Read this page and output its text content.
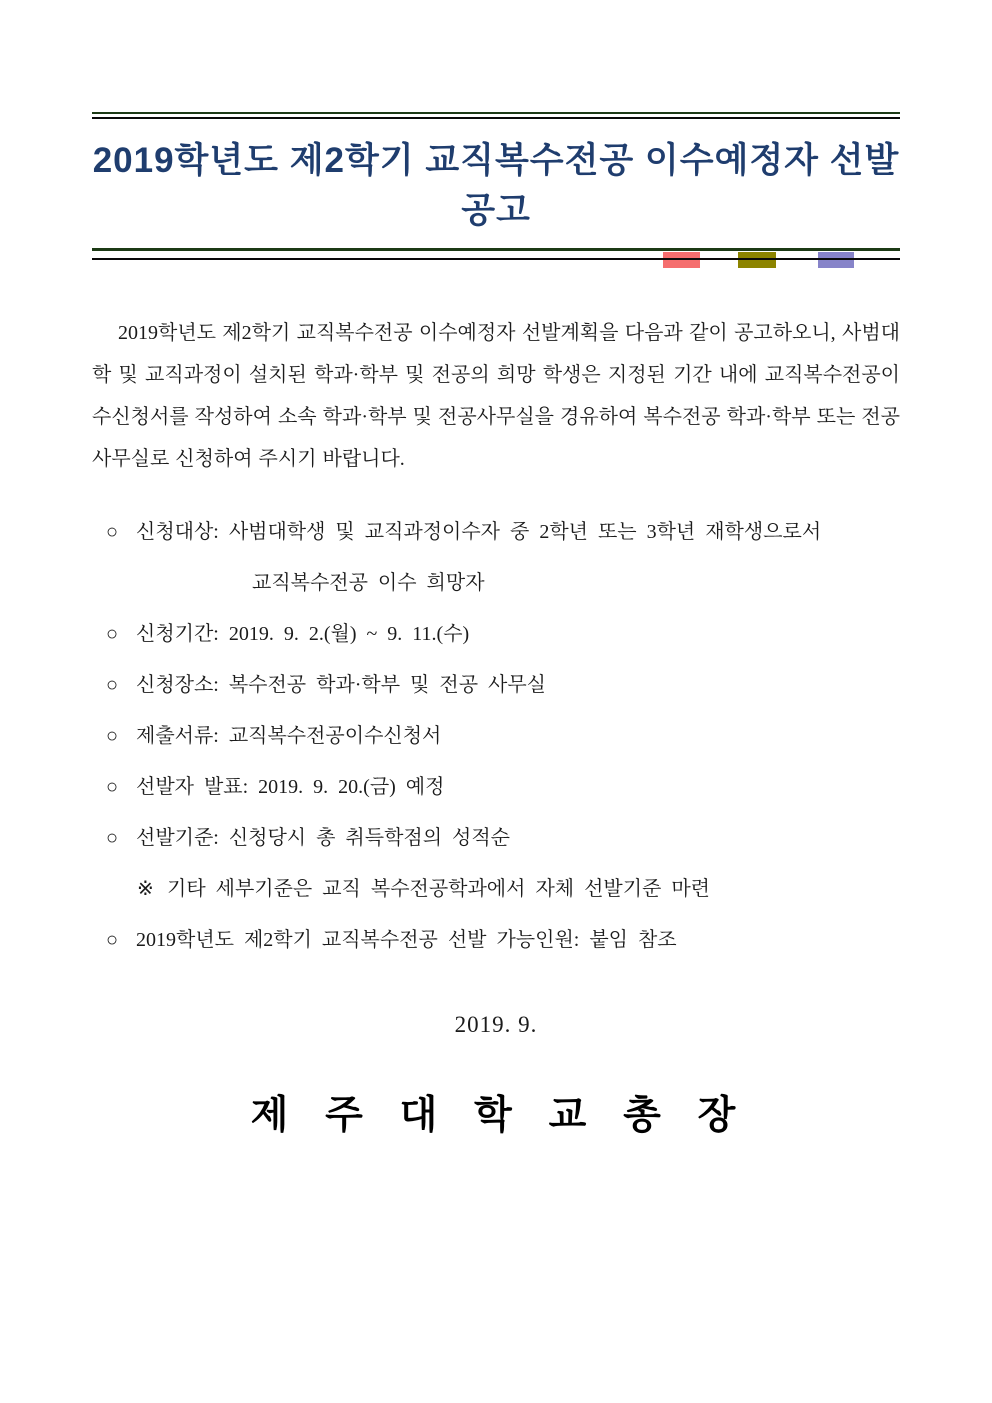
2019학년도 제2학기 교직복수전공 이수예정자 선발 공고

2019학년도 제2학기 교직복수전공 이수예정자 선발계획을 다음과 같이 공고하오니, 사범대학 및 교직과정이 설치된 학과·학부 및 전공의 희망 학생은 지정된 기간 내에 교직복수전공이수신청서를 작성하여 소속 학과·학부 및 전공사무실을 경유하여 복수전공 학과·학부 또는 전공사무실로 신청하여 주시기 바랍니다.

○ 신청대상: 사범대학생 및 교직과정이수자 중 2학년 또는 3학년 재학생으로서
교직복수전공 이수 희망자
○ 신청기간: 2019. 9. 2.(월) ~ 9. 11.(수)
○ 신청장소: 복수전공 학과·학부 및 전공 사무실
○ 제출서류: 교직복수전공이수신청서
○ 선발자 발표: 2019. 9. 20.(금) 예정
○ 선발기준: 신청당시 총 취득학점의 성적순
※ 기타 세부기준은 교직 복수전공학과에서 자체 선발기준 마련
○ 2019학년도 제2학기 교직복수전공 선발 가능인원: 붙임 참조
2019. 9.
제 주 대 학 교 총 장
